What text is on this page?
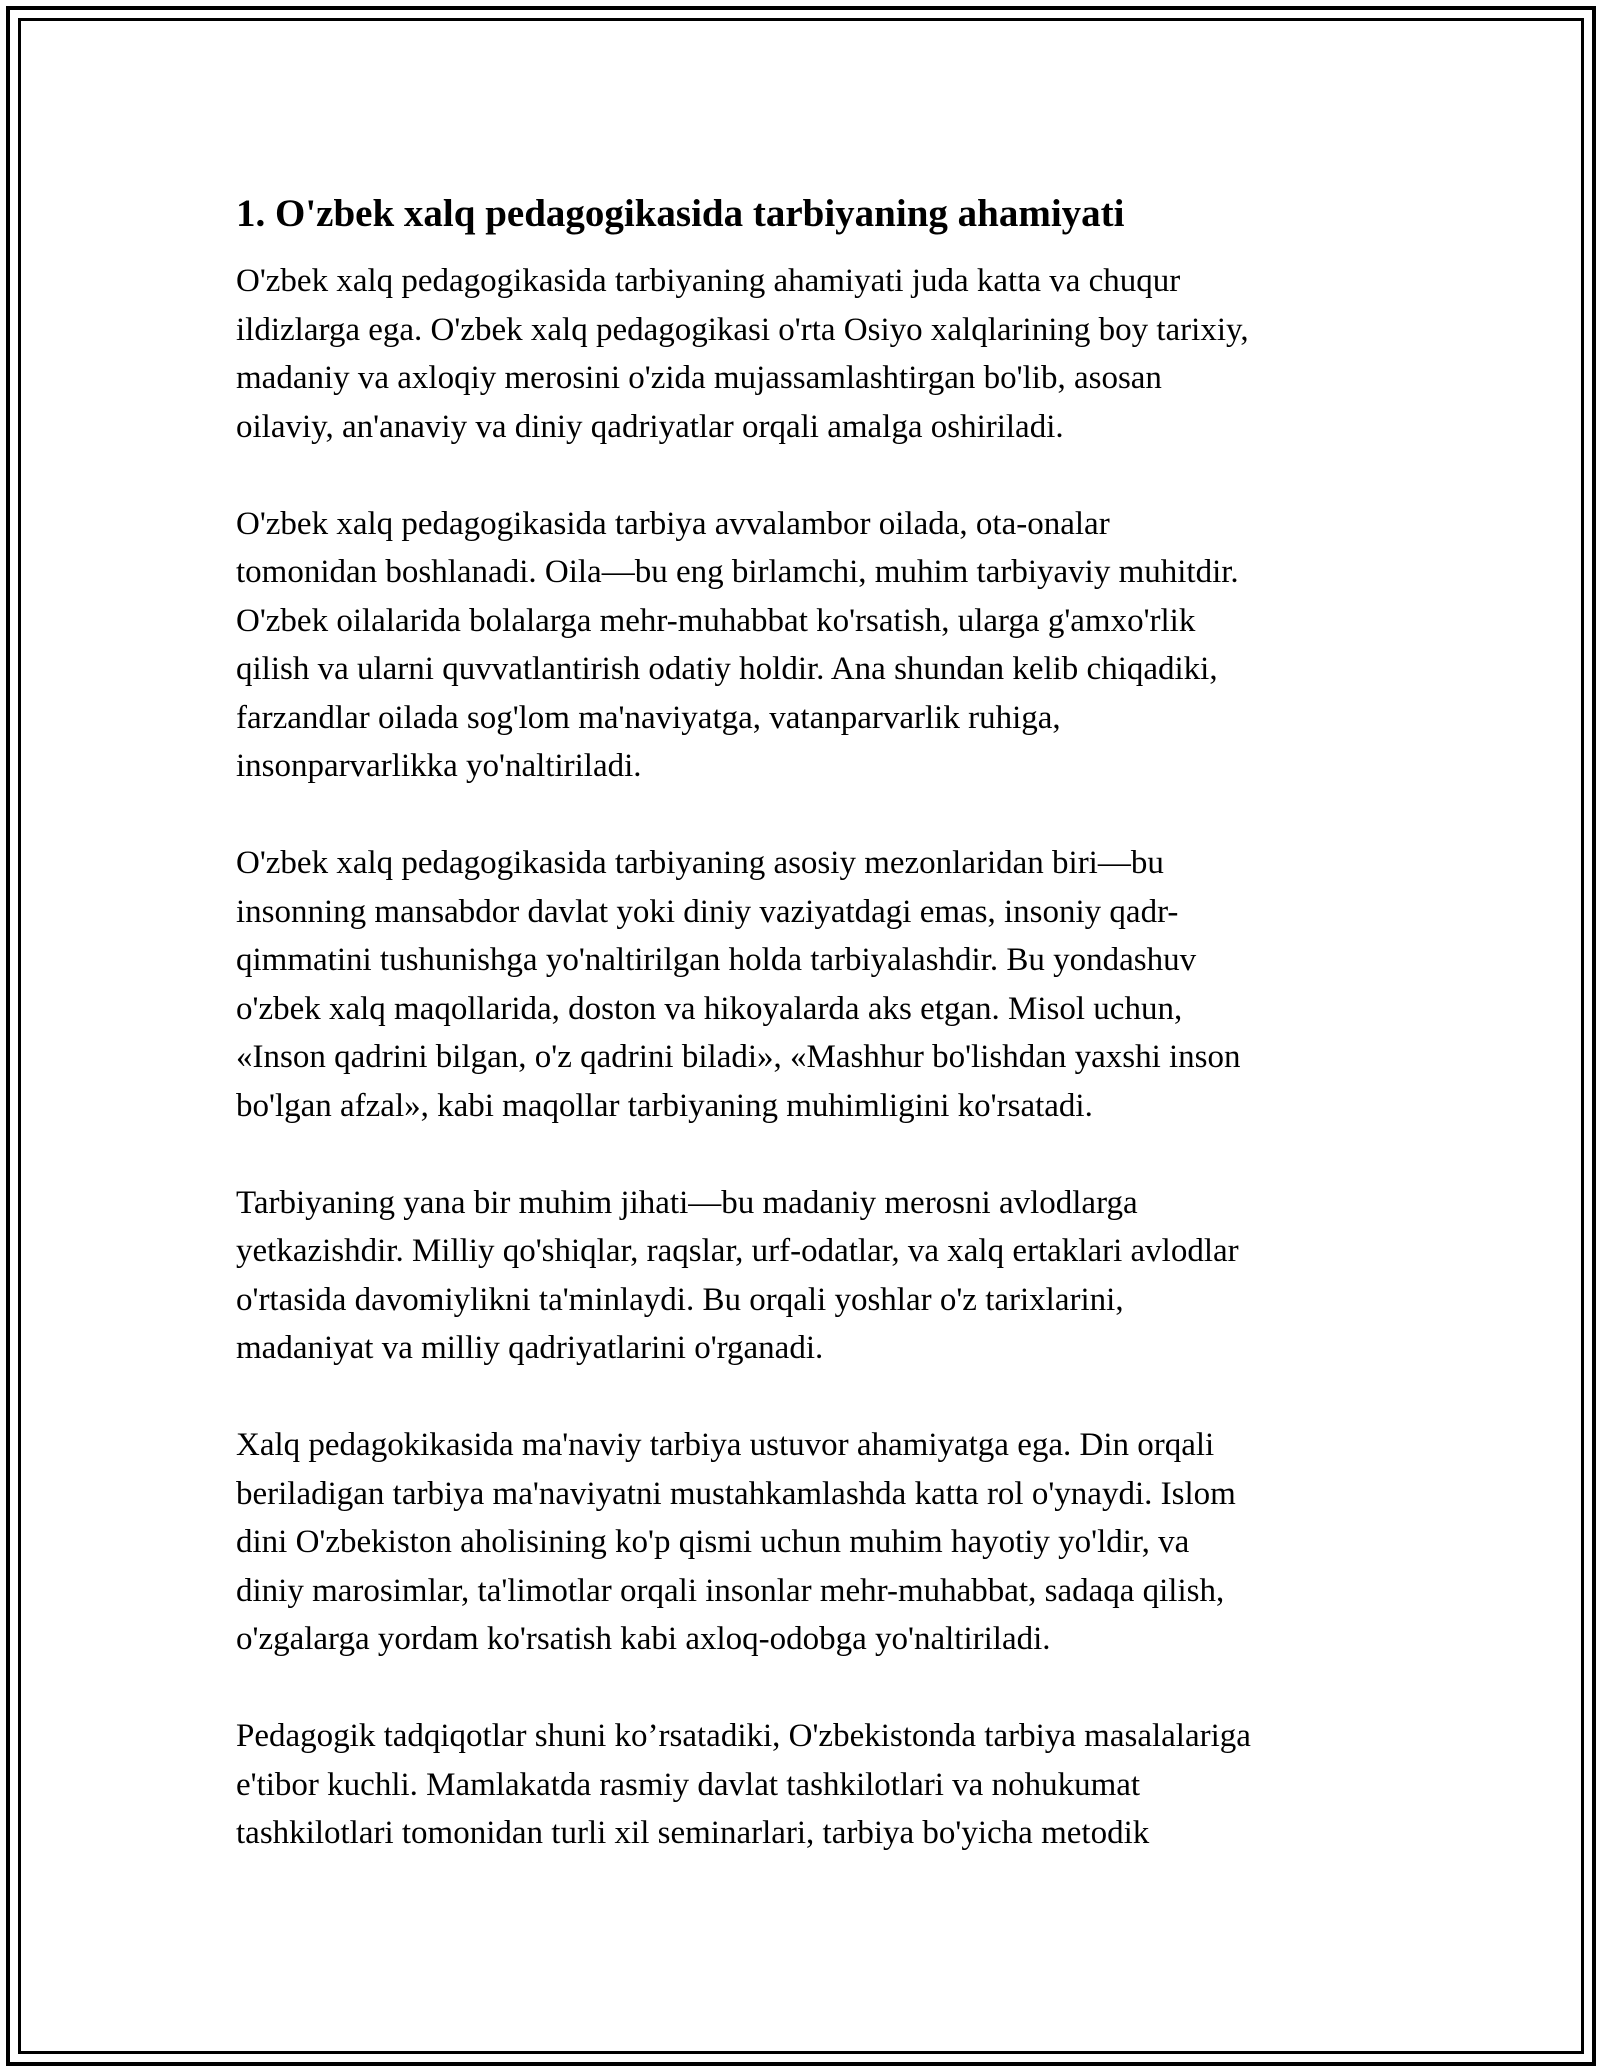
1. O'zbek xalq pedagogikasida tarbiyaning ahamiyati
O'zbek xalq pedagogikasida tarbiyaning ahamiyati juda katta va chuqur
ildizlarga ega. O'zbek xalq pedagogikasi o'rta Osiyo xalqlarining boy tarixiy,
madaniy va axloqiy merosini o'zida mujassamlashtirgan bo'lib, asosan
oilaviy, an'anaviy va diniy qadriyatlar orqali amalga oshiriladi.
O'zbek xalq pedagogikasida tarbiya avvalambor oilada, ota-onalar
tomonidan boshlanadi. Oila—bu eng birlamchi, muhim tarbiyaviy muhitdir.
O'zbek oilalarida bolalarga mehr-muhabbat ko'rsatish, ularga g'amxo'rlik
qilish va ularni quvvatlantirish odatiy holdir. Ana shundan kelib chiqadiki,
farzandlar oilada sog'lom ma'naviyatga, vatanparvarlik ruhiga,
insonparvarlikka yo'naltiriladi.
O'zbek xalq pedagogikasida tarbiyaning asosiy mezonlaridan biri—bu
insonning mansabdor davlat yoki diniy vaziyatdagi emas, insoniy qadr-
qimmatini tushunishga yo'naltirilgan holda tarbiyalashdir. Bu yondashuv
o'zbek xalq maqollarida, doston va hikoyalarda aks etgan. Misol uchun,
«Inson qadrini bilgan, o'z qadrini biladi», «Mashhur bo'lishdan yaxshi inson
bo'lgan afzal», kabi maqollar tarbiyaning muhimligini ko'rsatadi.
Tarbiyaning yana bir muhim jihati—bu madaniy merosni avlodlarga
yetkazishdir. Milliy qo'shiqlar, raqslar, urf-odatlar, va xalq ertaklari avlodlar
o'rtasida davomiylikni ta'minlaydi. Bu orqali yoshlar o'z tarixlarini,
madaniyat va milliy qadriyatlarini o'rganadi.
Xalq pedagokikasida ma'naviy tarbiya ustuvor ahamiyatga ega. Din orqali
beriladigan tarbiya ma'naviyatni mustahkamlashda katta rol o'ynaydi. Islom
dini O'zbekiston aholisining ko'p qismi uchun muhim hayotiy yo'ldir, va
diniy marosimlar, ta'limotlar orqali insonlar mehr-muhabbat, sadaqa qilish,
o'zgalarga yordam ko'rsatish kabi axloq-odobga yo'naltiriladi.
Pedagogik tadqiqotlar shuni ko’rsatadiki, O'zbekistonda tarbiya masalalariga
e'tibor kuchli. Mamlakatda rasmiy davlat tashkilotlari va nohukumat
tashkilotlari tomonidan turli xil seminarlari, tarbiya bo'yicha metodik
